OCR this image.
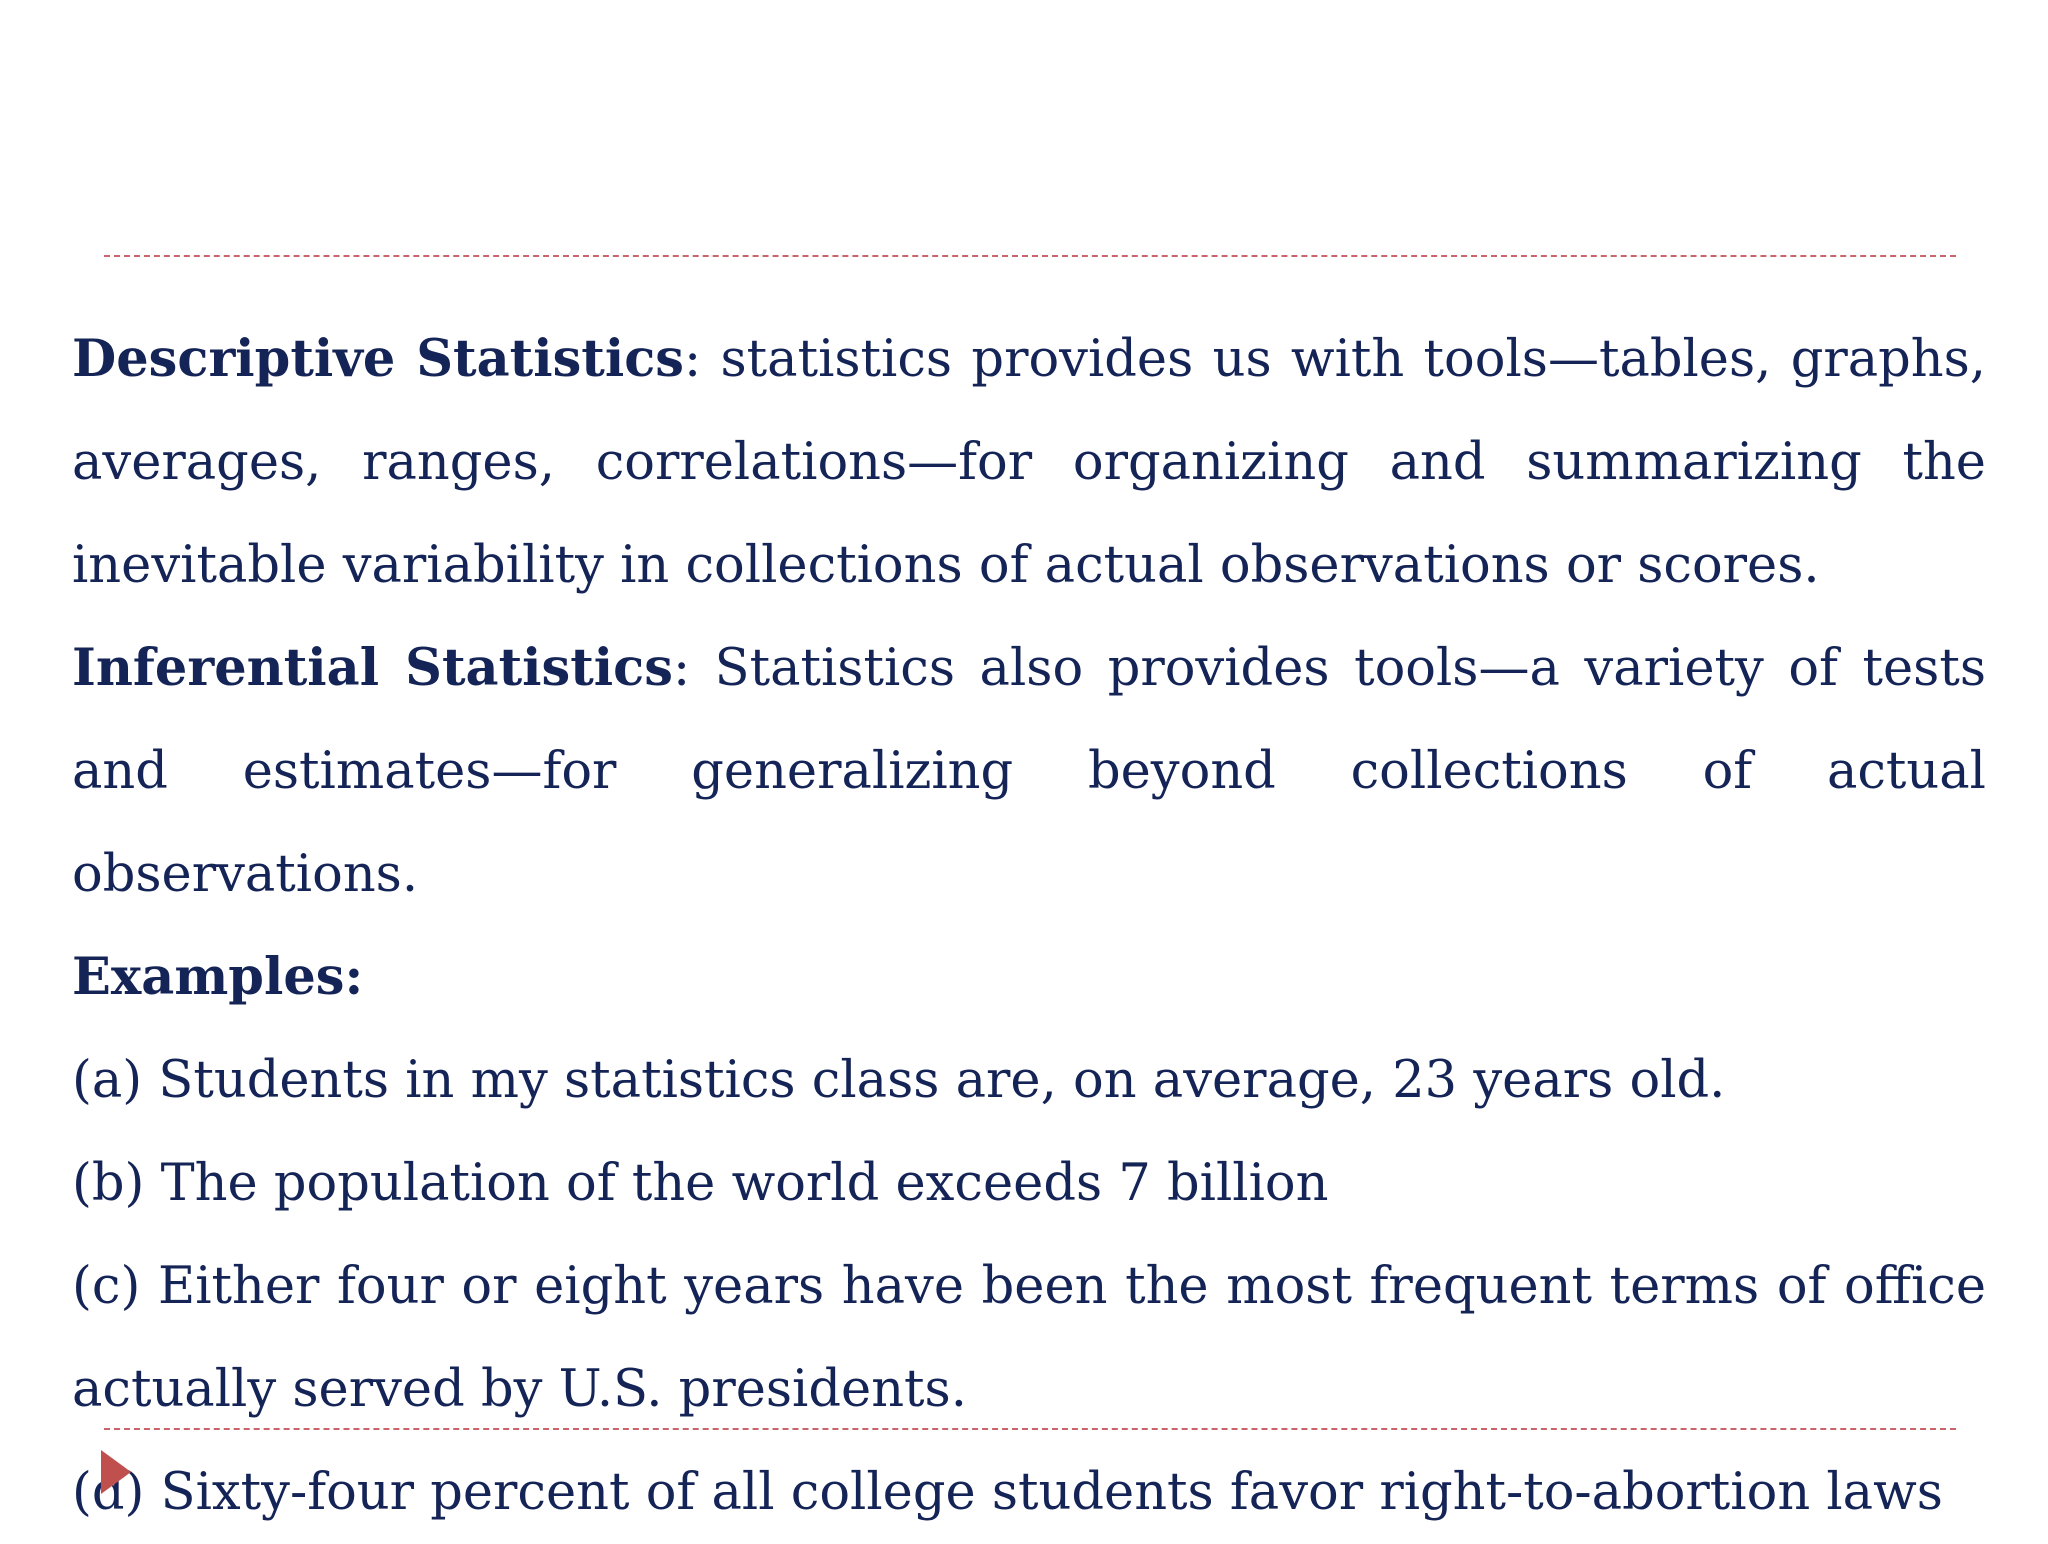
Descriptive Statistics: statistics provides us with tools—tables, graphs, averages, ranges, correlations—for organizing and summarizing the inevitable variability in collections of actual observations or scores.

Inferential Statistics: Statistics also provides tools—a variety of tests and estimates—for generalizing beyond collections of actual observations.

Examples:

(a) Students in my statistics class are, on average, 23 years old.

(b) The population of the world exceeds 7 billion

(c) Either four or eight years have been the most frequent terms of office actually served by U.S. presidents.

(d) Sixty-four percent of all college students favor right-to-abortion laws
